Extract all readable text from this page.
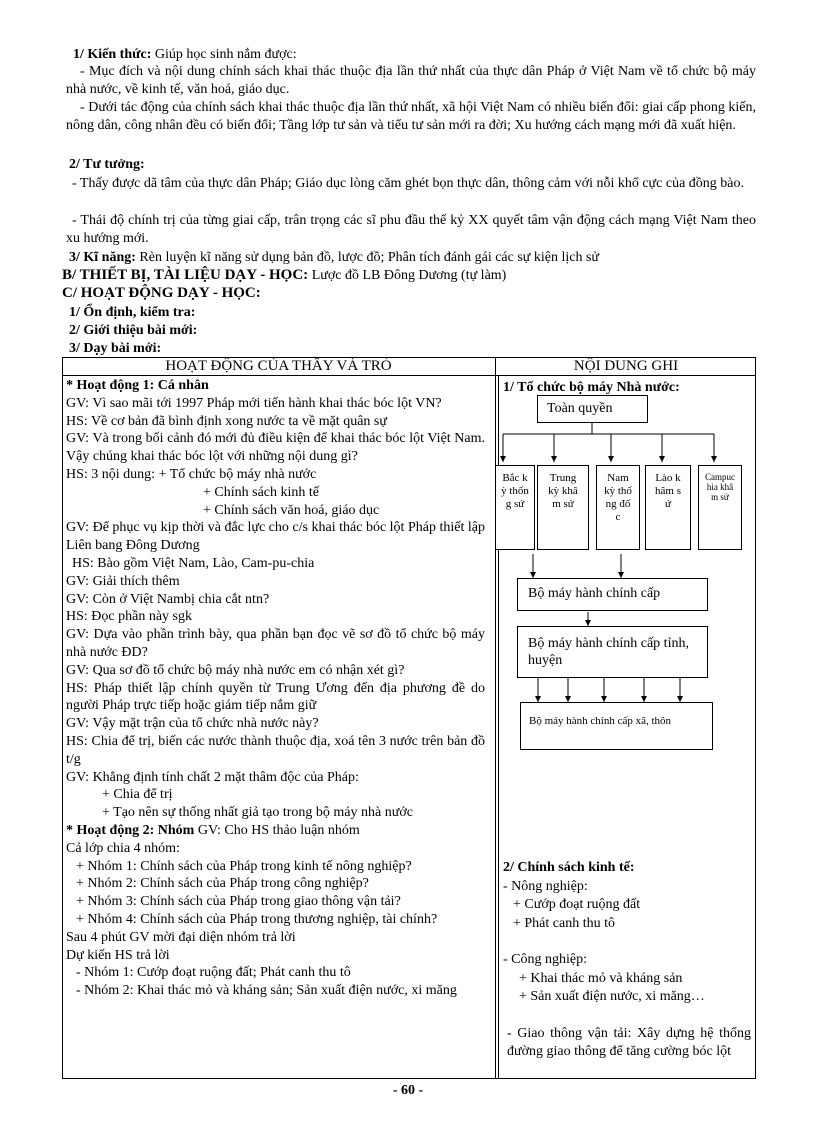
1/ Kiến thức: Giúp học sinh nắm được:
- Mục đích và nội dung chính sách khai thác thuộc địa lần thứ nhất của thực dân Pháp ở Việt Nam về tổ chức bộ máy nhà nước, về kinh tế, văn hoá, giáo dục.
- Dưới tác động của chính sách khai thác thuộc địa lần thứ nhất, xã hội Việt Nam có nhiều biến đổi: giai cấp phong kiến, nông dân, công nhân đều có biến đổi; Tầng lớp tư sản và tiểu tư sản mới ra đời; Xu hướng cách mạng mới đã xuất hiện.
2/ Tư tưởng:
- Thấy được dã tâm của thực dân Pháp; Giáo dục lòng căm ghét bọn thực dân, thông cảm với nỗi khổ cực của đồng bào.
- Thái độ chính trị của từng giai cấp, trân trọng các sĩ phu đầu thế kỷ XX quyết tâm vận động cách mạng Việt Nam theo xu hướng mới.
3/ Kĩ năng: Rèn luyện kĩ năng sử dụng bản đồ, lược đồ; Phân tích đánh gái các sự kiện lịch sử
B/ THIẾT BỊ, TÀI LIỆU DẠY - HỌC: Lược đồ LB Đông Dương (tự làm)
C/ HOẠT ĐỘNG DẠY - HỌC:
1/ Ổn định, kiểm tra:
2/ Giới thiệu bài mới:
3/ Dạy bài mới:
HOẠT ĐỘNG CỦA THẦY VÀ TRÒ	NỘI DUNG GHI
* Hoạt động 1: Cá nhân
GV: Vì sao mãi tới 1997 Pháp mới tiến hành khai thác bóc lột VN?
HS: Về cơ bản đã bình định xong nước ta về mặt quân sự
GV: Và trong bối cảnh đó mới đủ điều kiện để khai thác bóc lột Việt Nam. Vậy chúng khai thác bóc lột với những nội dung gì?
HS: 3 nội dung: + Tổ chức bộ máy nhà nước
+ Chính sách kinh tế
+ Chính sách văn hoá, giáo dục
GV: Để phục vụ kịp thời và đắc lực cho c/s khai thác bóc lột Pháp thiết lập Liên bang Đông Dương
HS: Bào gồm Việt Nam, Lào, Cam-pu-chia
GV: Giải thích thêm
GV: Còn ở Việt Nambị chia cắt ntn?
HS: Đọc phần này sgk
GV: Dựa vào phần trình bày, qua phần bạn đọc vẽ sơ đồ tổ chức bộ máy nhà nước ĐD?
GV: Qua sơ đồ tổ chức bộ máy nhà nước em có nhận xét gì?
HS: Pháp thiết lập chính quyền từ Trung Ương đến địa phương đề do người Pháp trực tiếp hoặc giám tiếp nắm giữ
GV: Vậy mặt trận của tổ chức nhà nước này?
HS: Chia để trị, biến các nước thành thuộc địa, xoá tên 3 nước trên bản đồ t/g
GV: Khẳng định tính chất 2 mặt thâm độc của Pháp:
+ Chia để trị
+ Tạo nên sự thống nhất giả tạo trong bộ máy nhà nước
* Hoạt động 2: Nhóm GV: Cho HS thảo luận nhóm
Cả lớp chia 4 nhóm:
+ Nhóm 1: Chính sách của Pháp trong kinh tế nông nghiệp?
+ Nhóm 2: Chính sách của Pháp trong công nghiệp?
+ Nhóm 3: Chính sách của Pháp trong giao thông vận tải?
+ Nhóm 4: Chính sách của Pháp trong thương nghiệp, tài chính?
Sau 4 phút GV mời đại diện nhóm trả lời
Dự kiến HS trả lời
- Nhóm 1: Cướp đoạt ruộng đất; Phát canh thu tô
- Nhóm 2: Khai thác mỏ và kháng sản; Sản xuất điện nước, xi măng
1/ Tổ chức bộ máy Nhà nước:
Toàn quyền
Bắc kỳ thống sứ
Trung kỳ khâm sứ
Nam kỳ thống đốc
Lào khâm sứ
Campuchia khâm sứ
Bộ máy hành chính cấp
Bộ máy hành chính cấp tỉnh, huyện
Bộ máy hành chính cấp xã, thôn
2/ Chính sách kinh tế:
- Nông nghiệp:
+ Cướp đoạt ruộng đất
+ Phát canh thu tô
- Công nghiệp:
+ Khai thác mỏ và kháng sản
+ Sản xuất điện nước, xi măng…
- Giao thông vận tải: Xây dựng hệ thống đường giao thông để tăng cường bóc lột
- 60 -
